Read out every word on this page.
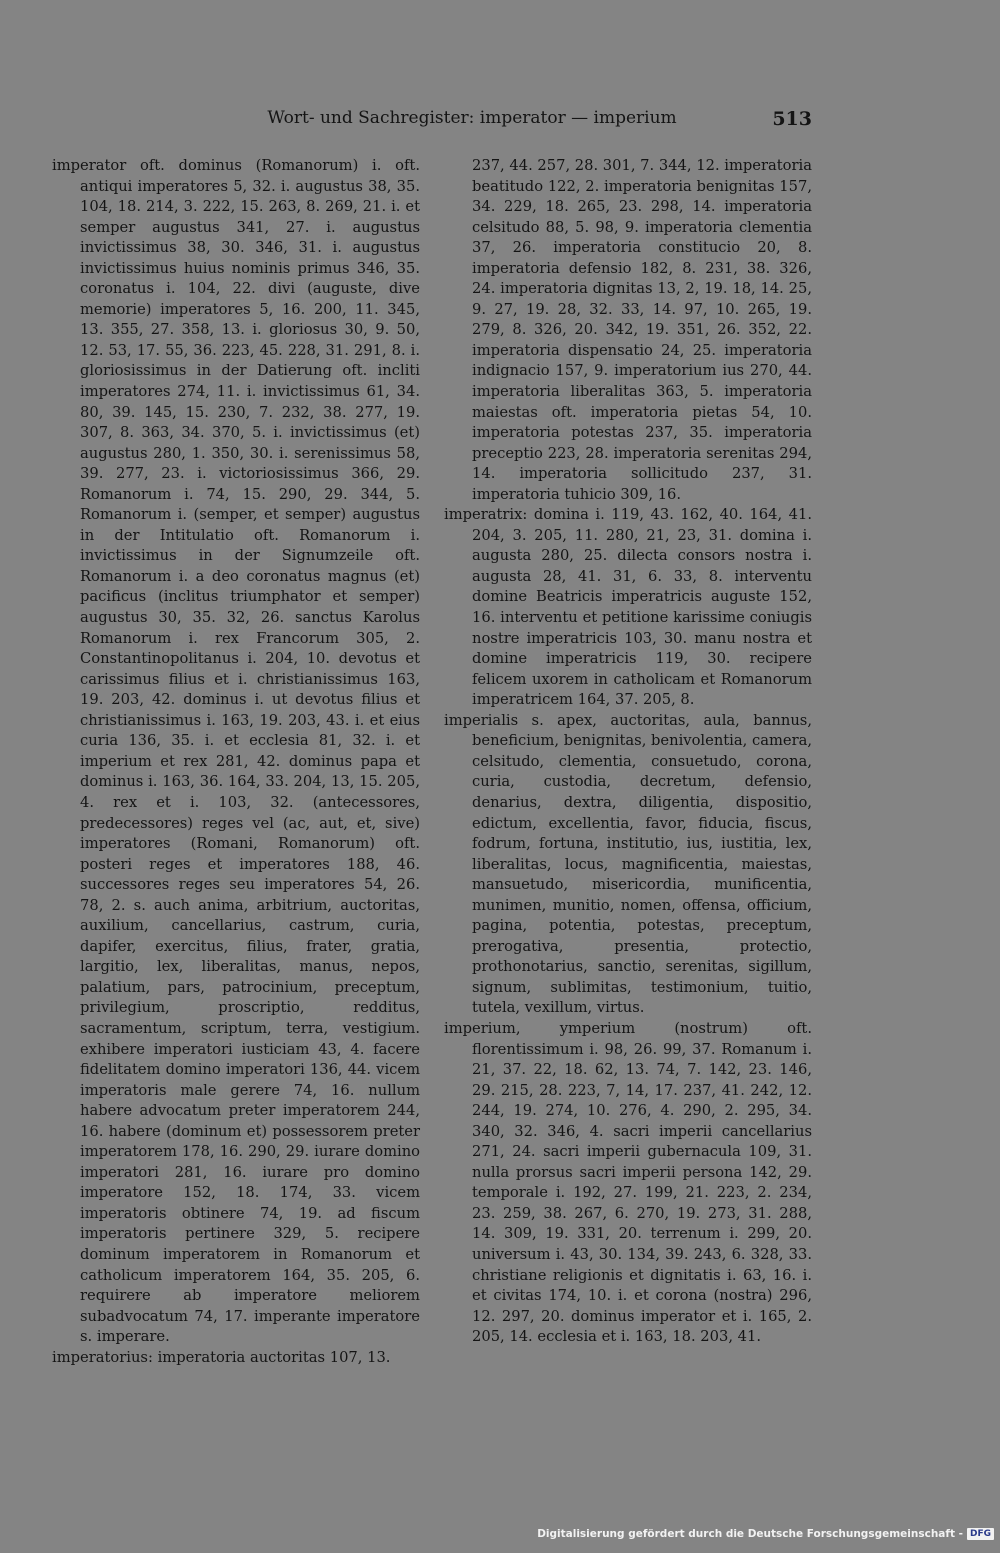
Wort- und Sachregister: imperator — imperium	513

imperator oft. dominus (Romanorum) i. oft. antiqui imperatores 5, 32. i. augustus 38, 35. 104, 18. 214, 3. 222, 15. 263, 8. 269, 21. i. et semper augustus 341, 27. i. augustus invictissimus 38, 30. 346, 31. i. augustus invictissimus huius nominis primus 346, 35. coronatus i. 104, 22. divi (auguste, dive memorie) imperatores 5, 16. 200, 11. 345, 13. 355, 27. 358, 13. i. gloriosus 30, 9. 50, 12. 53, 17. 55, 36. 223, 45. 228, 31. 291, 8. i. gloriosissimus in der Datierung oft. incliti imperatores 274, 11. i. invictissimus 61, 34. 80, 39. 145, 15. 230, 7. 232, 38. 277, 19. 307, 8. 363, 34. 370, 5. i. invictissimus (et) augustus 280, 1. 350, 30. i. serenissimus 58, 39. 277, 23. i. victoriosissimus 366, 29. Romanorum i. 74, 15. 290, 29. 344, 5. Romanorum i. (semper, et semper) augustus in der Intitulatio oft. Romanorum i. invictissimus in der Signumzeile oft. Romanorum i. a deo coronatus magnus (et) pacificus (inclitus triumphator et semper) augustus 30, 35. 32, 26. sanctus Karolus Romanorum i. rex Francorum 305, 2. Constantinopolitanus i. 204, 10. devotus et carissimus filius et i. christianissimus 163, 19. 203, 42. dominus i. ut devotus filius et christianissimus i. 163, 19. 203, 43. i. et eius curia 136, 35. i. et ecclesia 81, 32. i. et imperium et rex 281, 42. dominus papa et dominus i. 163, 36. 164, 33. 204, 13, 15. 205, 4. rex et i. 103, 32. (antecessores, predecessores) reges vel (ac, aut, et, sive) imperatores (Romani, Romanorum) oft. posteri reges et imperatores 188, 46. successores reges seu imperatores 54, 26. 78, 2. s. auch anima, arbitrium, auctoritas, auxilium, cancellarius, castrum, curia, dapifer, exercitus, filius, frater, gratia, largitio, lex, liberalitas, manus, nepos, palatium, pars, patrocinium, preceptum, privilegium, proscriptio, redditus, sacramentum, scriptum, terra, vestigium. exhibere imperatori iusticiam 43, 4. facere fidelitatem domino imperatori 136, 44. vicem imperatoris male gerere 74, 16. nullum habere advocatum preter imperatorem 244, 16. habere (dominum et) possessorem preter imperatorem 178, 16. 290, 29. iurare domino imperatori 281, 16. iurare pro domino imperatore 152, 18. 174, 33. vicem imperatoris obtinere 74, 19. ad fiscum imperatoris pertinere 329, 5. recipere dominum imperatorem in Romanorum et catholicum imperatorem 164, 35. 205, 6. requirere ab imperatore meliorem subadvocatum 74, 17. imperante imperatore s. imperare.

imperatorius: imperatoria auctoritas 107, 13.

237, 44. 257, 28. 301, 7. 344, 12. imperatoria beatitudo 122, 2. imperatoria benignitas 157, 34. 229, 18. 265, 23. 298, 14. imperatoria celsitudo 88, 5. 98, 9. imperatoria clementia 37, 26. imperatoria constitucio 20, 8. imperatoria defensio 182, 8. 231, 38. 326, 24. imperatoria dignitas 13, 2, 19. 18, 14. 25, 9. 27, 19. 28, 32. 33, 14. 97, 10. 265, 19. 279, 8. 326, 20. 342, 19. 351, 26. 352, 22. imperatoria dispensatio 24, 25. imperatoria indignacio 157, 9. imperatorium ius 270, 44. imperatoria liberalitas 363, 5. imperatoria maiestas oft. imperatoria pietas 54, 10. imperatoria potestas 237, 35. imperatoria preceptio 223, 28. imperatoria serenitas 294, 14. imperatoria sollicitudo 237, 31. imperatoria tuhicio 309, 16.

imperatrix: domina i. 119, 43. 162, 40. 164, 41. 204, 3. 205, 11. 280, 21, 23, 31. domina i. augusta 280, 25. dilecta consors nostra i. augusta 28, 41. 31, 6. 33, 8. interventu domine Beatricis imperatricis auguste 152, 16. interventu et petitione karissime coniugis nostre imperatricis 103, 30. manu nostra et domine imperatricis 119, 30. recipere felicem uxorem in catholicam et Romanorum imperatricem 164, 37. 205, 8.

imperialis s. apex, auctoritas, aula, bannus, beneficium, benignitas, benivolentia, camera, celsitudo, clementia, consuetudo, corona, curia, custodia, decretum, defensio, denarius, dextra, diligentia, dispositio, edictum, excellentia, favor, fiducia, fiscus, fodrum, fortuna, institutio, ius, iustitia, lex, liberalitas, locus, magnificentia, maiestas, mansuetudo, misericordia, munificentia, munimen, munitio, nomen, offensa, officium, pagina, potentia, potestas, preceptum, prerogativa, presentia, protectio, prothonotarius, sanctio, serenitas, sigillum, signum, sublimitas, testimonium, tuitio, tutela, vexillum, virtus.

imperium, ymperium (nostrum) oft. florentissimum i. 98, 26. 99, 37. Romanum i. 21, 37. 22, 18. 62, 13. 74, 7. 142, 23. 146, 29. 215, 28. 223, 7, 14, 17. 237, 41. 242, 12. 244, 19. 274, 10. 276, 4. 290, 2. 295, 34. 340, 32. 346, 4. sacri imperii cancellarius 271, 24. sacri imperii gubernacula 109, 31. nulla prorsus sacri imperii persona 142, 29. temporale i. 192, 27. 199, 21. 223, 2. 234, 23. 259, 38. 267, 6. 270, 19. 273, 31. 288, 14. 309, 19. 331, 20. terrenum i. 299, 20. universum i. 43, 30. 134, 39. 243, 6. 328, 33. christiane religionis et dignitatis i. 63, 16. i. et civitas 174, 10. i. et corona (nostra) 296, 12. 297, 20. dominus imperator et i. 165, 2. 205, 14. ecclesia et i. 163, 18. 203, 41.

Digitalisierung gefördert durch die Deutsche Forschungsgemeinschaft - DFG
